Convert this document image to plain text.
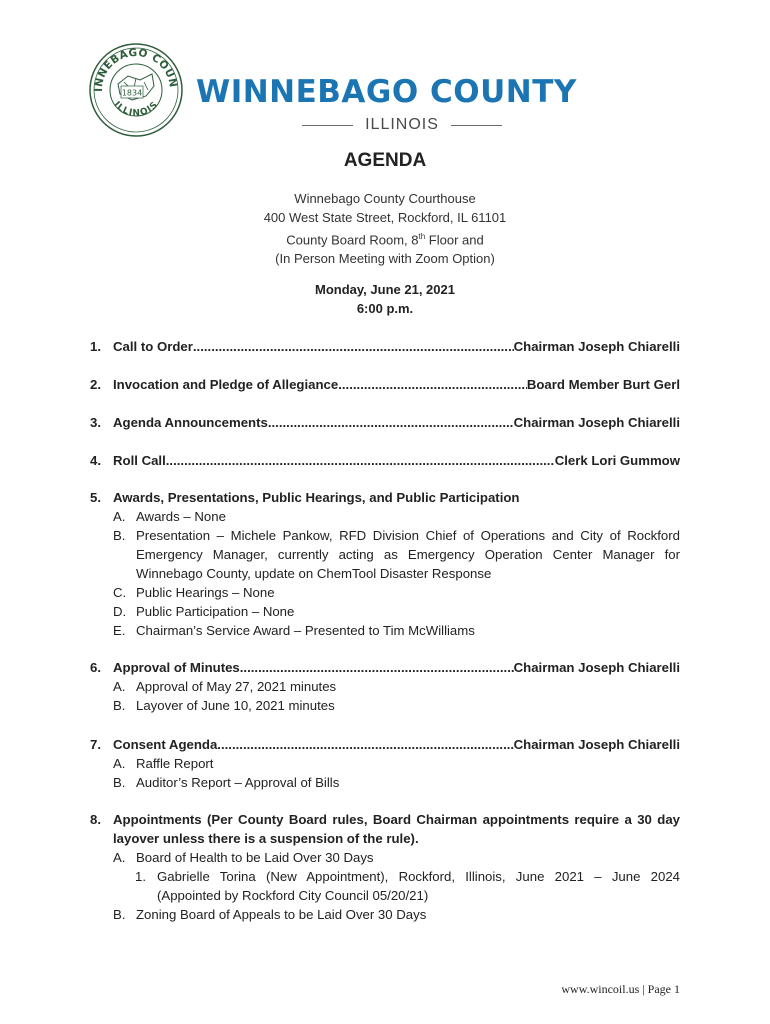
INNEBAGO COUN
ILLINOIS
1834 WINNEBAGO COUNTY
ILLINOIS
AGENDA
Winnebago County Courthouse
400 West State Street, Rockford, IL 61101
County Board Room, 8th Floor and
(In Person Meeting with Zoom Option)
Monday, June 21, 2021
6:00 p.m.
1. Call to Order .....	Chairman Joseph Chiarelli
2. Invocation and Pledge of Allegiance .....	Board Member Burt Gerl
3. Agenda Announcements .....	Chairman Joseph Chiarelli
4. Roll Call .....	Clerk Lori Gummow
5. Awards, Presentations, Public Hearings, and Public Participation
A. Awards – None
B. Presentation – Michele Pankow, RFD Division Chief of Operations and City of Rockford Emergency Manager, currently acting as Emergency Operation Center Manager for Winnebago County, update on ChemTool Disaster Response
C. Public Hearings – None
D. Public Participation – None
E. Chairman’s Service Award – Presented to Tim McWilliams
6. Approval of Minutes .....	Chairman Joseph Chiarelli
A. Approval of May 27, 2021 minutes
B. Layover of June 10, 2021 minutes
7. Consent Agenda .....	Chairman Joseph Chiarelli
A. Raffle Report
B. Auditor’s Report – Approval of Bills
8. Appointments (Per County Board rules, Board Chairman appointments require a 30 day layover unless there is a suspension of the rule).
A. Board of Health to be Laid Over 30 Days
1. Gabrielle Torina (New Appointment), Rockford, Illinois, June 2021 – June 2024 (Appointed by Rockford City Council 05/20/21)
B. Zoning Board of Appeals to be Laid Over 30 Days
www.wincoil.us | Page 1
